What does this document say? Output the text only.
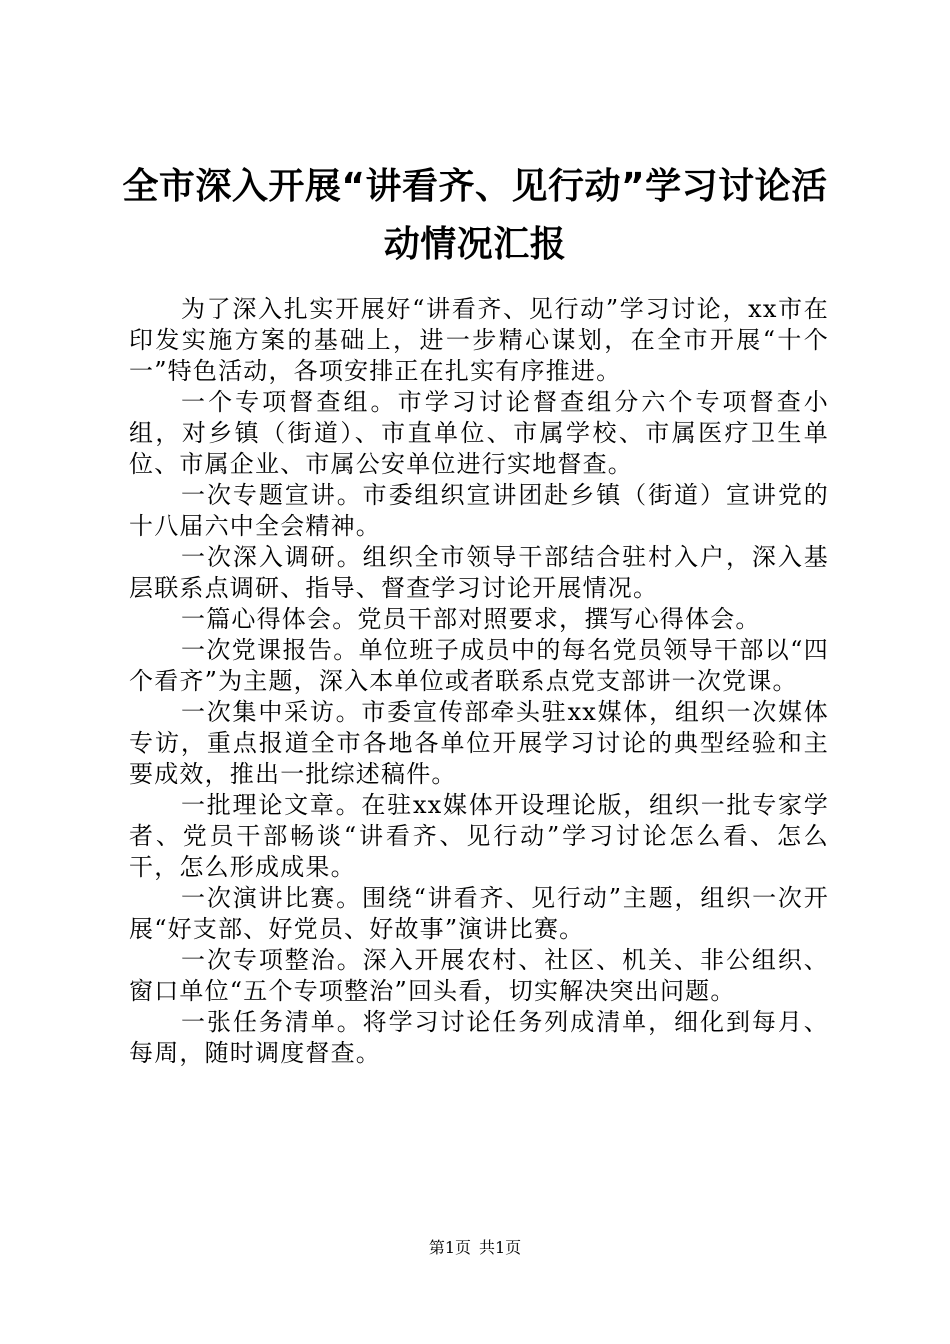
全市深入开展“讲看齐、见行动”学习讨论活动情况汇报

为了深入扎实开展好“讲看齐、见行动”学习讨论，xx市在印发实施方案的基础上，进一步精心谋划，在全市开展“十个一”特色活动，各项安排正在扎实有序推进。

一个专项督查组。市学习讨论督查组分六个专项督查小组，对乡镇（街道）、市直单位、市属学校、市属医疗卫生单位、市属企业、市属公安单位进行实地督查。

一次专题宣讲。市委组织宣讲团赴乡镇（街道）宣讲党的十八届六中全会精神。

一次深入调研。组织全市领导干部结合驻村入户，深入基层联系点调研、指导、督查学习讨论开展情况。

一篇心得体会。党员干部对照要求，撰写心得体会。

一次党课报告。单位班子成员中的每名党员领导干部以“四个看齐”为主题，深入本单位或者联系点党支部讲一次党课。

一次集中采访。市委宣传部牵头驻xx媒体，组织一次媒体专访，重点报道全市各地各单位开展学习讨论的典型经验和主要成效，推出一批综述稿件。

一批理论文章。在驻xx媒体开设理论版，组织一批专家学者、党员干部畅谈“讲看齐、见行动”学习讨论怎么看、怎么干，怎么形成成果。

一次演讲比赛。围绕“讲看齐、见行动”主题，组织一次开展“好支部、好党员、好故事”演讲比赛。

一次专项整治。深入开展农村、社区、机关、非公组织、窗口单位“五个专项整治”回头看，切实解决突出问题。

一张任务清单。将学习讨论任务列成清单，细化到每月、每周，随时调度督查。

第1页 共1页
